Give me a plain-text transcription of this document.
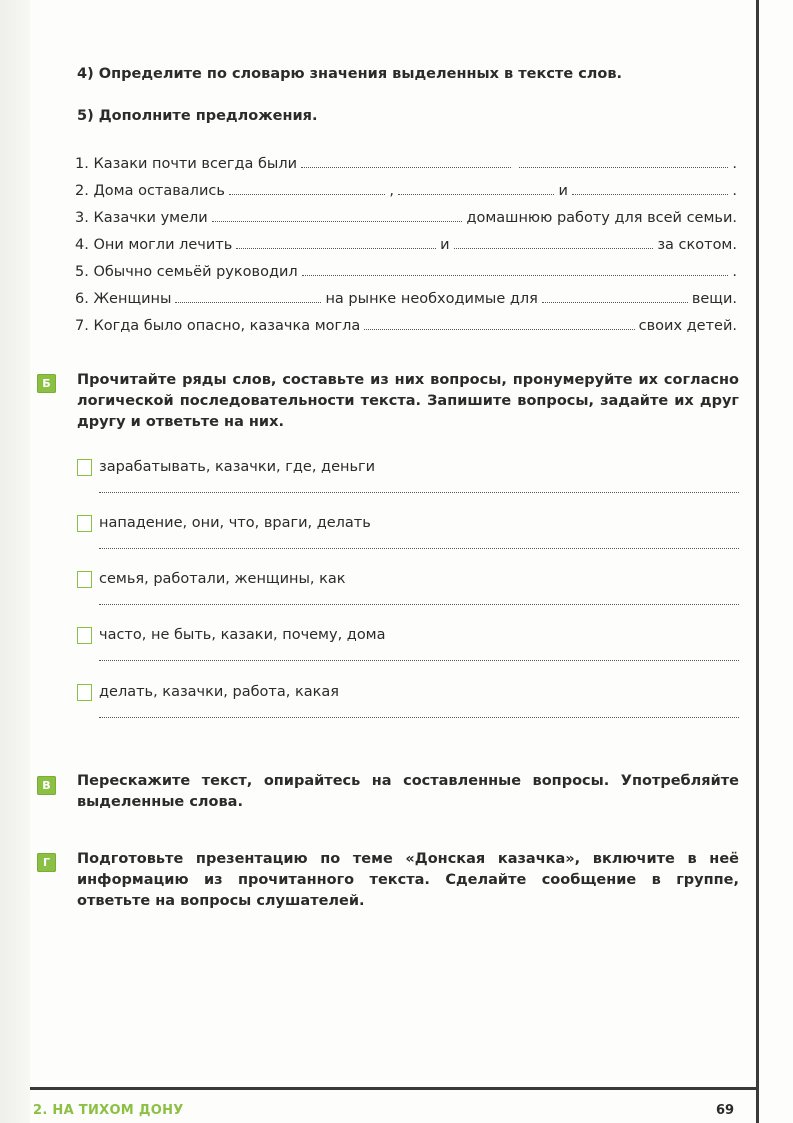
4) Определите по словарю значения выделенных в тексте слов.
5) Дополните предложения.
1. Казаки почти всегда были	.
2. Дома оставались	,	и	.
3. Казачки умели	домашнюю работу для всей семьи.
4. Они могли лечить	и	за скотом.
5. Обычно семьёй руководил	.
6. Женщины	на рынке необходимые для	вещи.
7. Когда было опасно, казачка могла	своих детей.
Б	Прочитайте ряды слов, составьте из них вопросы, пронумеруйте их согласно логической последовательности текста. Запишите вопросы, задайте их друг другу и ответьте на них.
зарабатывать, казачки, где, деньги
нападение, они, что, враги, делать
семья, работали, женщины, как
часто, не быть, казаки, почему, дома
делать, казачки, работа, какая
В	Перескажите текст, опирайтесь на составленные вопросы. Употребляйте выделенные слова.
Г	Подготовьте презентацию по теме «Донская казачка», включите в неё информацию из прочитанного текста. Сделайте сообщение в группе, ответьте на вопросы слушателей.
2. НА ТИХОМ ДОНУ	69
